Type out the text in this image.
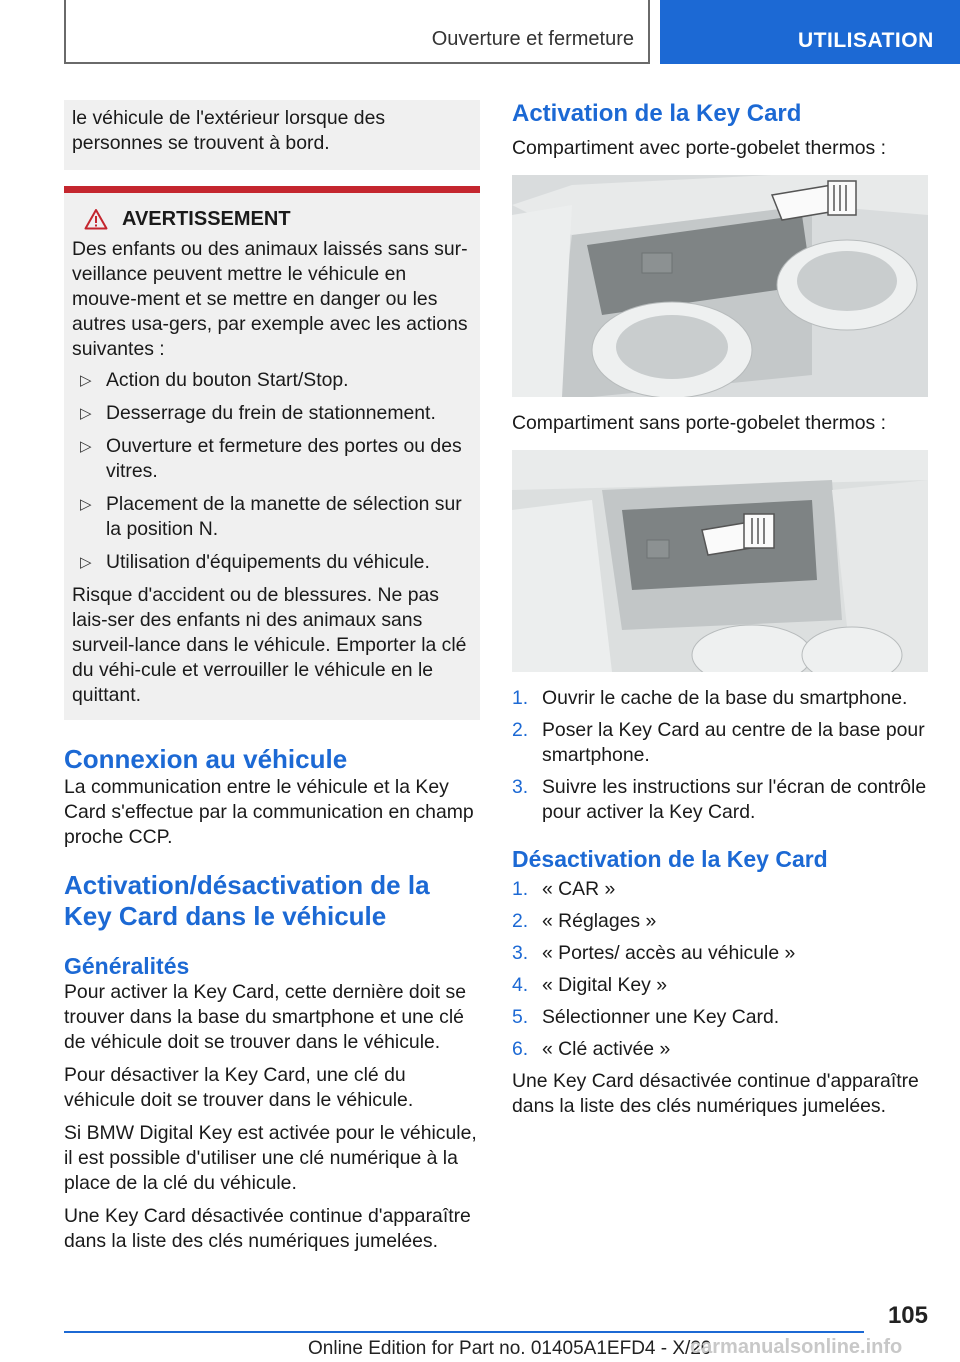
Ouverture et fermeture	UTILISATION

le véhicule de l'extérieur lorsque des personnes se trouvent à bord.

AVERTISSEMENT

Des enfants ou des animaux laissés sans sur-veillance peuvent mettre le véhicule en mouve-ment et se mettre en danger ou les autres usa-gers, par exemple avec les actions suivantes :

▷ Action du bouton Start/Stop.
▷ Desserrage du frein de stationnement.
▷ Ouverture et fermeture des portes ou des vitres.
▷ Placement de la manette de sélection sur la position N.
▷ Utilisation d'équipements du véhicule.

Risque d'accident ou de blessures. Ne pas lais-ser des enfants ni des animaux sans surveil-lance dans le véhicule. Emporter la clé du véhi-cule et verrouiller le véhicule en le quittant.

Connexion au véhicule

La communication entre le véhicule et la Key Card s'effectue par la communication en champ proche CCP.

Activation/désactivation de la Key Card dans le véhicule
Généralités

Pour activer la Key Card, cette dernière doit se trouver dans la base du smartphone et une clé de véhicule doit se trouver dans le véhicule.

Pour désactiver la Key Card, une clé du véhicule doit se trouver dans le véhicule.

Si BMW Digital Key est activée pour le véhicule, il est possible d'utiliser une clé numérique à la place de la clé du véhicule.

Une Key Card désactivée continue d'apparaître dans la liste des clés numériques jumelées.

Activation de la Key Card

Compartiment avec porte-gobelet thermos :

Compartiment sans porte-gobelet thermos :

1. Ouvrir le cache de la base du smartphone.
2. Poser la Key Card au centre de la base pour smartphone.
3. Suivre les instructions sur l'écran de contrôle pour activer la Key Card.
Désactivation de la Key Card
1. « CAR »
2. « Réglages »
3. « Portes/ accès au véhicule »
4. « Digital Key »
5. Sélectionner une Key Card.
6. « Clé activée »

Une Key Card désactivée continue d'apparaître dans la liste des clés numériques jumelées.

105
Online Edition for Part no. 01405A1EFD4 - X/20
carmanualsonline.info
